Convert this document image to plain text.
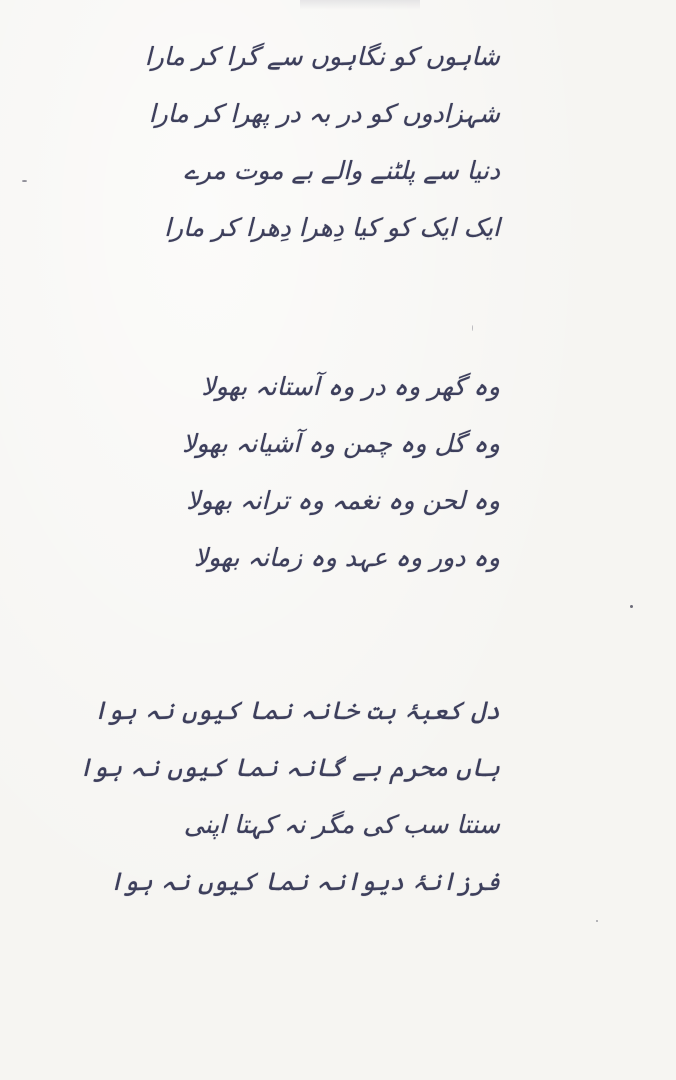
شاہوں کو نگاہوں سے گرا کر مارا
شہزادوں کو در بہ در پھرا کر مارا
دنیا سے پلٹنے والے بے موت مرے
ایک ایک کو کیا دِھرا دِھرا کر مارا
وہ گھر وہ در وہ آستانہ بھولا
وہ گل وہ چمن وہ آشیانہ بھولا
وہ لحن وہ نغمہ وہ ترانہ بھولا
وہ دور وہ عہد وہ زمانہ بھولا
دل کعبۂ بت خانہ نما کیوں نہ ہوا
ہاں محرم بے گانہ نما کیوں نہ ہوا
سنتا سب کی مگر نہ کہتا اپنی
فرزانۂ دیوانہ نما کیوں نہ ہوا
